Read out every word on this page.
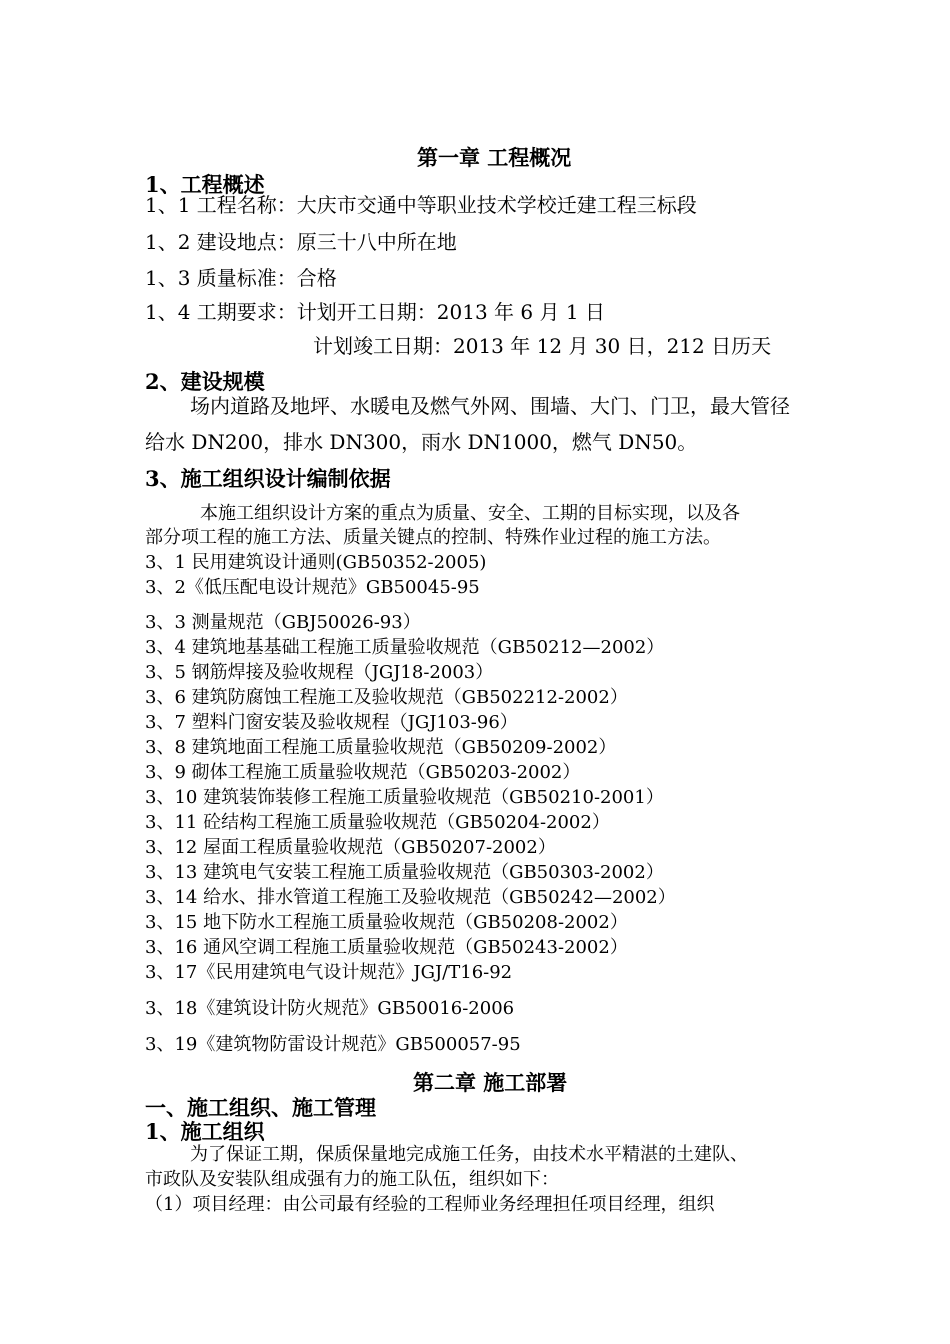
第一章 工程概况
1、工程概述
1、1 工程名称：大庆市交通中等职业技术学校迁建工程三标段
1、2 建设地点：原三十八中所在地
1、3 质量标准：合格
1、4 工期要求：计划开工日期：2013 年 6 月 1 日
计划竣工日期：2013 年 12 月 30 日，212 日历天
2、建设规模
场内道路及地坪、水暖电及燃气外网、围墙、大门、门卫，最大管径
给水 DN200，排水 DN300，雨水 DN1000，燃气 DN50。
3、施工组织设计编制依据
本施工组织设计方案的重点为质量、安全、工期的目标实现，以及各
部分项工程的施工方法、质量关键点的控制、特殊作业过程的施工方法。
3、1 民用建筑设计通则(GB50352-2005)
3、2《低压配电设计规范》GB50045-95
3、3 测量规范（GBJ50026-93）
3、4 建筑地基基础工程施工质量验收规范（GB50212—2002）
3、5 钢筋焊接及验收规程（JGJ18-2003）
3、6 建筑防腐蚀工程施工及验收规范（GB502212-2002）
3、7 塑料门窗安装及验收规程（JGJ103-96）
3、8 建筑地面工程施工质量验收规范（GB50209-2002）
3、9 砌体工程施工质量验收规范（GB50203-2002）
3、10 建筑装饰装修工程施工质量验收规范（GB50210-2001）
3、11 砼结构工程施工质量验收规范（GB50204-2002）
3、12 屋面工程质量验收规范（GB50207-2002）
3、13 建筑电气安装工程施工质量验收规范（GB50303-2002）
3、14 给水、排水管道工程施工及验收规范（GB50242—2002）
3、15 地下防水工程施工质量验收规范（GB50208-2002）
3、16 通风空调工程施工质量验收规范（GB50243-2002）
3、17《民用建筑电气设计规范》JGJ/T16-92
3、18《建筑设计防火规范》GB50016-2006
3、19《建筑物防雷设计规范》GB500057-95
第二章 施工部署
一、施工组织、施工管理
1、施工组织
为了保证工期，保质保量地完成施工任务，由技术水平精湛的土建队、
市政队及安装队组成强有力的施工队伍，组织如下：
（1）项目经理：由公司最有经验的工程师业务经理担任项目经理，组织
